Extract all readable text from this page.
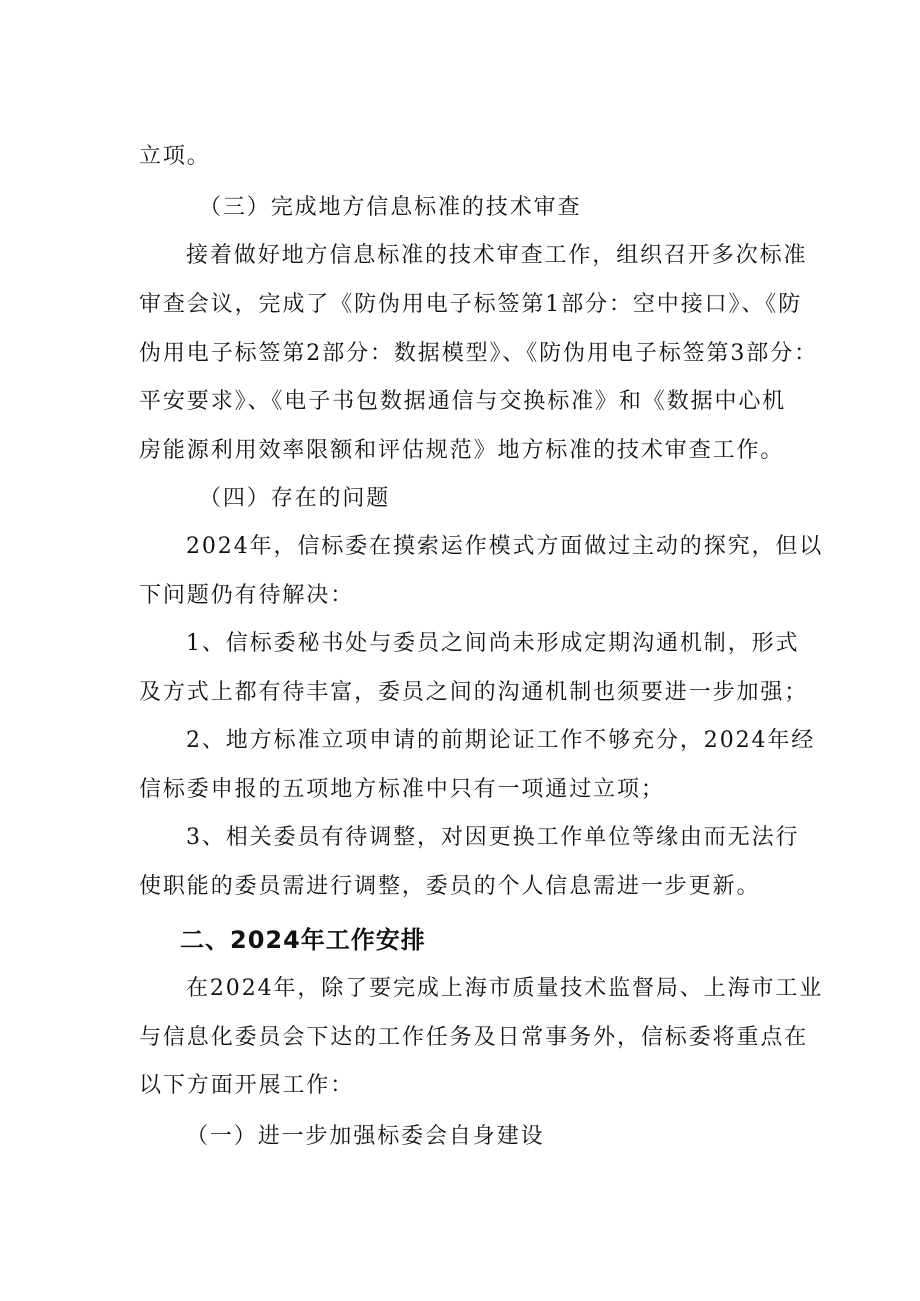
立项。
（三）完成地方信息标准的技术审查
接着做好地方信息标准的技术审查工作，组织召开多次标准
审查会议，完成了《防伪用电子标签第1部分：空中接口》、《防
伪用电子标签第2部分：数据模型》、《防伪用电子标签第3部分：
平安要求》、《电子书包数据通信与交换标准》和《数据中心机
房能源利用效率限额和评估规范》地方标准的技术审查工作。
（四）存在的问题
2024年，信标委在摸索运作模式方面做过主动的探究，但以
下问题仍有待解决：
1、信标委秘书处与委员之间尚未形成定期沟通机制，形式
及方式上都有待丰富，委员之间的沟通机制也须要进一步加强；
2、地方标准立项申请的前期论证工作不够充分，2024年经
信标委申报的五项地方标准中只有一项通过立项；
3、相关委员有待调整，对因更换工作单位等缘由而无法行
使职能的委员需进行调整，委员的个人信息需进一步更新。
二、2024年工作安排
在2024年，除了要完成上海市质量技术监督局、上海市工业
与信息化委员会下达的工作任务及日常事务外，信标委将重点在
以下方面开展工作：
（一）进一步加强标委会自身建设
